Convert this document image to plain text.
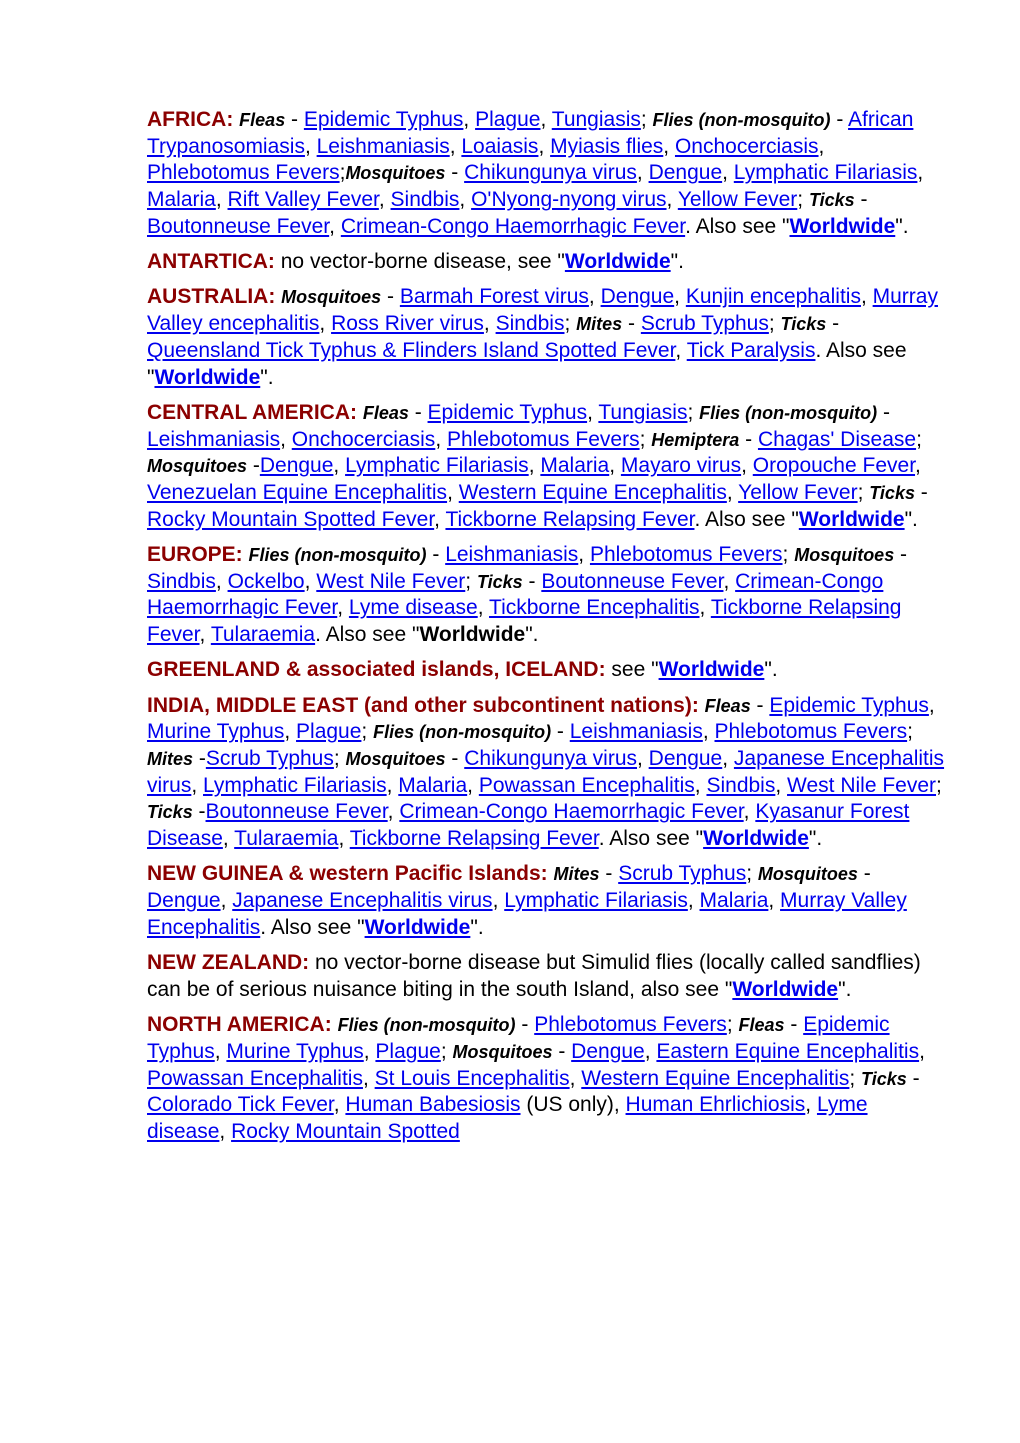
AFRICA: Fleas - Epidemic Typhus, Plague, Tungiasis; Flies (non-mosquito) - African Trypanosomiasis, Leishmaniasis, Loaiasis, Myiasis flies, Onchocerciasis, Phlebotomus Fevers;Mosquitoes - Chikungunya virus, Dengue, Lymphatic Filariasis, Malaria, Rift Valley Fever, Sindbis, O'Nyong-nyong virus, Yellow Fever; Ticks - Boutonneuse Fever, Crimean-Congo Haemorrhagic Fever. Also see "Worldwide".

ANTARTICA: no vector-borne disease, see "Worldwide".

AUSTRALIA: Mosquitoes - Barmah Forest virus, Dengue, Kunjin encephalitis, Murray Valley encephalitis, Ross River virus, Sindbis; Mites - Scrub Typhus; Ticks - Queensland Tick Typhus & Flinders Island Spotted Fever, Tick Paralysis. Also see "Worldwide".

CENTRAL AMERICA: Fleas - Epidemic Typhus, Tungiasis; Flies (non-mosquito) - Leishmaniasis, Onchocerciasis, Phlebotomus Fevers; Hemiptera - Chagas' Disease; Mosquitoes -Dengue, Lymphatic Filariasis, Malaria, Mayaro virus, Oropouche Fever, Venezuelan Equine Encephalitis, Western Equine Encephalitis, Yellow Fever; Ticks - Rocky Mountain Spotted Fever, Tickborne Relapsing Fever. Also see "Worldwide".

EUROPE: Flies (non-mosquito) - Leishmaniasis, Phlebotomus Fevers; Mosquitoes - Sindbis, Ockelbo, West Nile Fever; Ticks - Boutonneuse Fever, Crimean-Congo Haemorrhagic Fever, Lyme disease, Tickborne Encephalitis, Tickborne Relapsing Fever, Tularaemia. Also see "Worldwide".

GREENLAND & associated islands, ICELAND: see "Worldwide".

INDIA, MIDDLE EAST (and other subcontinent nations): Fleas - Epidemic Typhus, Murine Typhus, Plague; Flies (non-mosquito) - Leishmaniasis, Phlebotomus Fevers; Mites -Scrub Typhus; Mosquitoes - Chikungunya virus, Dengue, Japanese Encephalitis virus, Lymphatic Filariasis, Malaria, Powassan Encephalitis, Sindbis, West Nile Fever; Ticks -Boutonneuse Fever, Crimean-Congo Haemorrhagic Fever, Kyasanur Forest Disease, Tularaemia, Tickborne Relapsing Fever. Also see "Worldwide".

NEW GUINEA & western Pacific Islands: Mites - Scrub Typhus; Mosquitoes - Dengue, Japanese Encephalitis virus, Lymphatic Filariasis, Malaria, Murray Valley Encephalitis. Also see "Worldwide".

NEW ZEALAND: no vector-borne disease but Simulid flies (locally called sandflies) can be of serious nuisance biting in the south Island, also see "Worldwide".

NORTH AMERICA: Flies (non-mosquito) - Phlebotomus Fevers; Fleas - Epidemic Typhus, Murine Typhus, Plague; Mosquitoes - Dengue, Eastern Equine Encephalitis, Powassan Encephalitis, St Louis Encephalitis, Western Equine Encephalitis; Ticks - Colorado Tick Fever, Human Babesiosis (US only), Human Ehrlichiosis, Lyme disease, Rocky Mountain Spotted
